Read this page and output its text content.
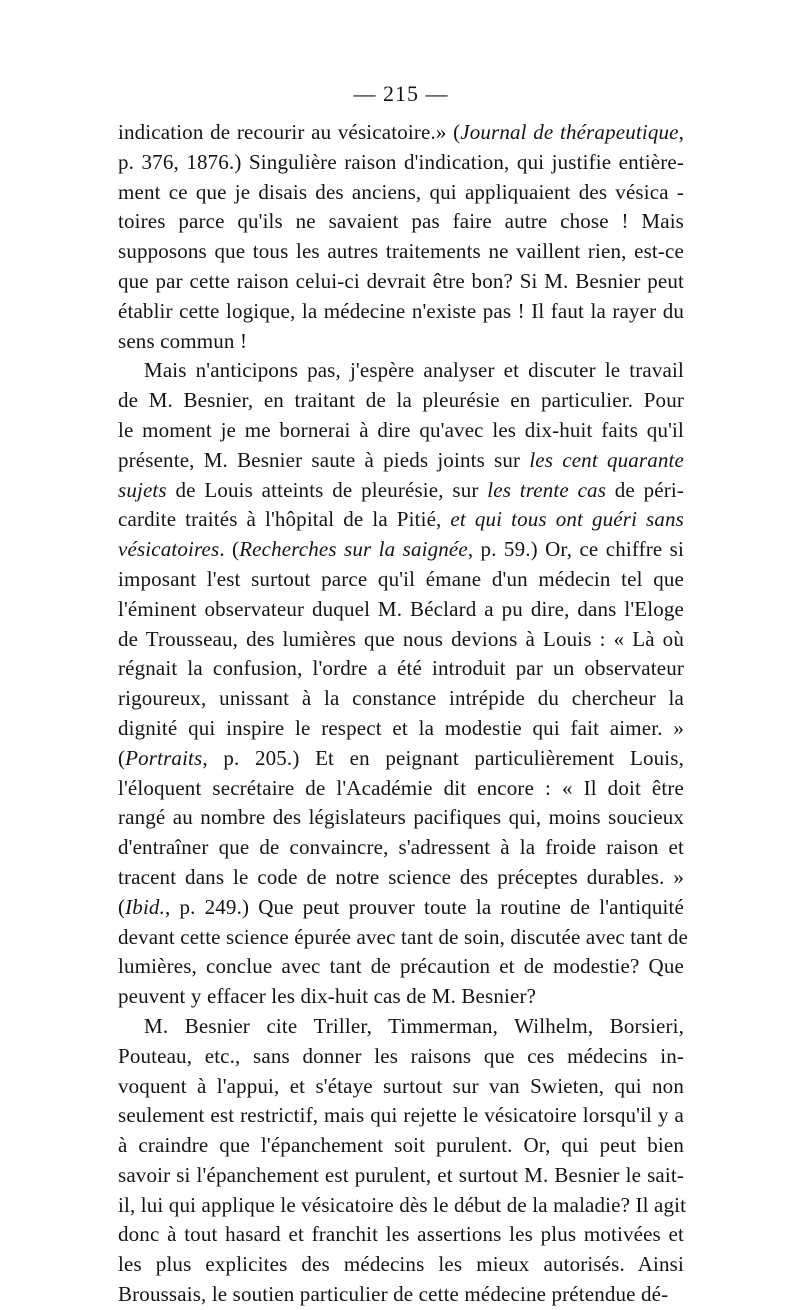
— 215 —
indication de recourir au vésicatoire.» (Journal de thérapeutique,
p. 376, 1876.) Singulière raison d'indication, qui justifie entière-
ment ce que je disais des anciens, qui appliquaient des vésica -
toires parce qu'ils ne savaient pas faire autre chose ! Mais
supposons que tous les autres traitements ne vaillent rien, est-ce
que par cette raison celui-ci devrait être bon? Si M. Besnier peut
établir cette logique, la médecine n'existe pas ! Il faut la rayer du
sens commun !
Mais n'anticipons pas, j'espère analyser et discuter le travail
de M. Besnier, en traitant de la pleurésie en particulier. Pour
le moment je me bornerai à dire qu'avec les dix-huit faits qu'il
présente, M. Besnier saute à pieds joints sur les cent quarante
sujets de Louis atteints de pleurésie, sur les trente cas de péri-
cardite traités à l'hôpital de la Pitié, et qui tous ont guéri sans
vésicatoires. (Recherches sur la saignée, p. 59.) Or, ce chiffre si
imposant l'est surtout parce qu'il émane d'un médecin tel que
l'éminent observateur duquel M. Béclard a pu dire, dans l'Eloge
de Trousseau, des lumières que nous devions à Louis : « Là où
régnait la confusion, l'ordre a été introduit par un observateur
rigoureux, unissant à la constance intrépide du chercheur la
dignité qui inspire le respect et la modestie qui fait aimer. »
(Portraits, p. 205.) Et en peignant particulièrement Louis,
l'éloquent secrétaire de l'Académie dit encore : « Il doit être
rangé au nombre des législateurs pacifiques qui, moins soucieux
d'entraîner que de convaincre, s'adressent à la froide raison et
tracent dans le code de notre science des préceptes durables. »
(Ibid., p. 249.) Que peut prouver toute la routine de l'antiquité
devant cette science épurée avec tant de soin, discutée avec tant de
lumières, conclue avec tant de précaution et de modestie? Que
peuvent y effacer les dix-huit cas de M. Besnier?
M. Besnier cite Triller, Timmerman, Wilhelm, Borsieri,
Pouteau, etc., sans donner les raisons que ces médecins in-
voquent à l'appui, et s'étaye surtout sur van Swieten, qui non
seulement est restrictif, mais qui rejette le vésicatoire lorsqu'il y a
à craindre que l'épanchement soit purulent. Or, qui peut bien
savoir si l'épanchement est purulent, et surtout M. Besnier le sait-
il, lui qui applique le vésicatoire dès le début de la maladie? Il agit
donc à tout hasard et franchit les assertions les plus motivées et
les plus explicites des médecins les mieux autorisés. Ainsi
Broussais, le soutien particulier de cette médecine prétendue dé-
